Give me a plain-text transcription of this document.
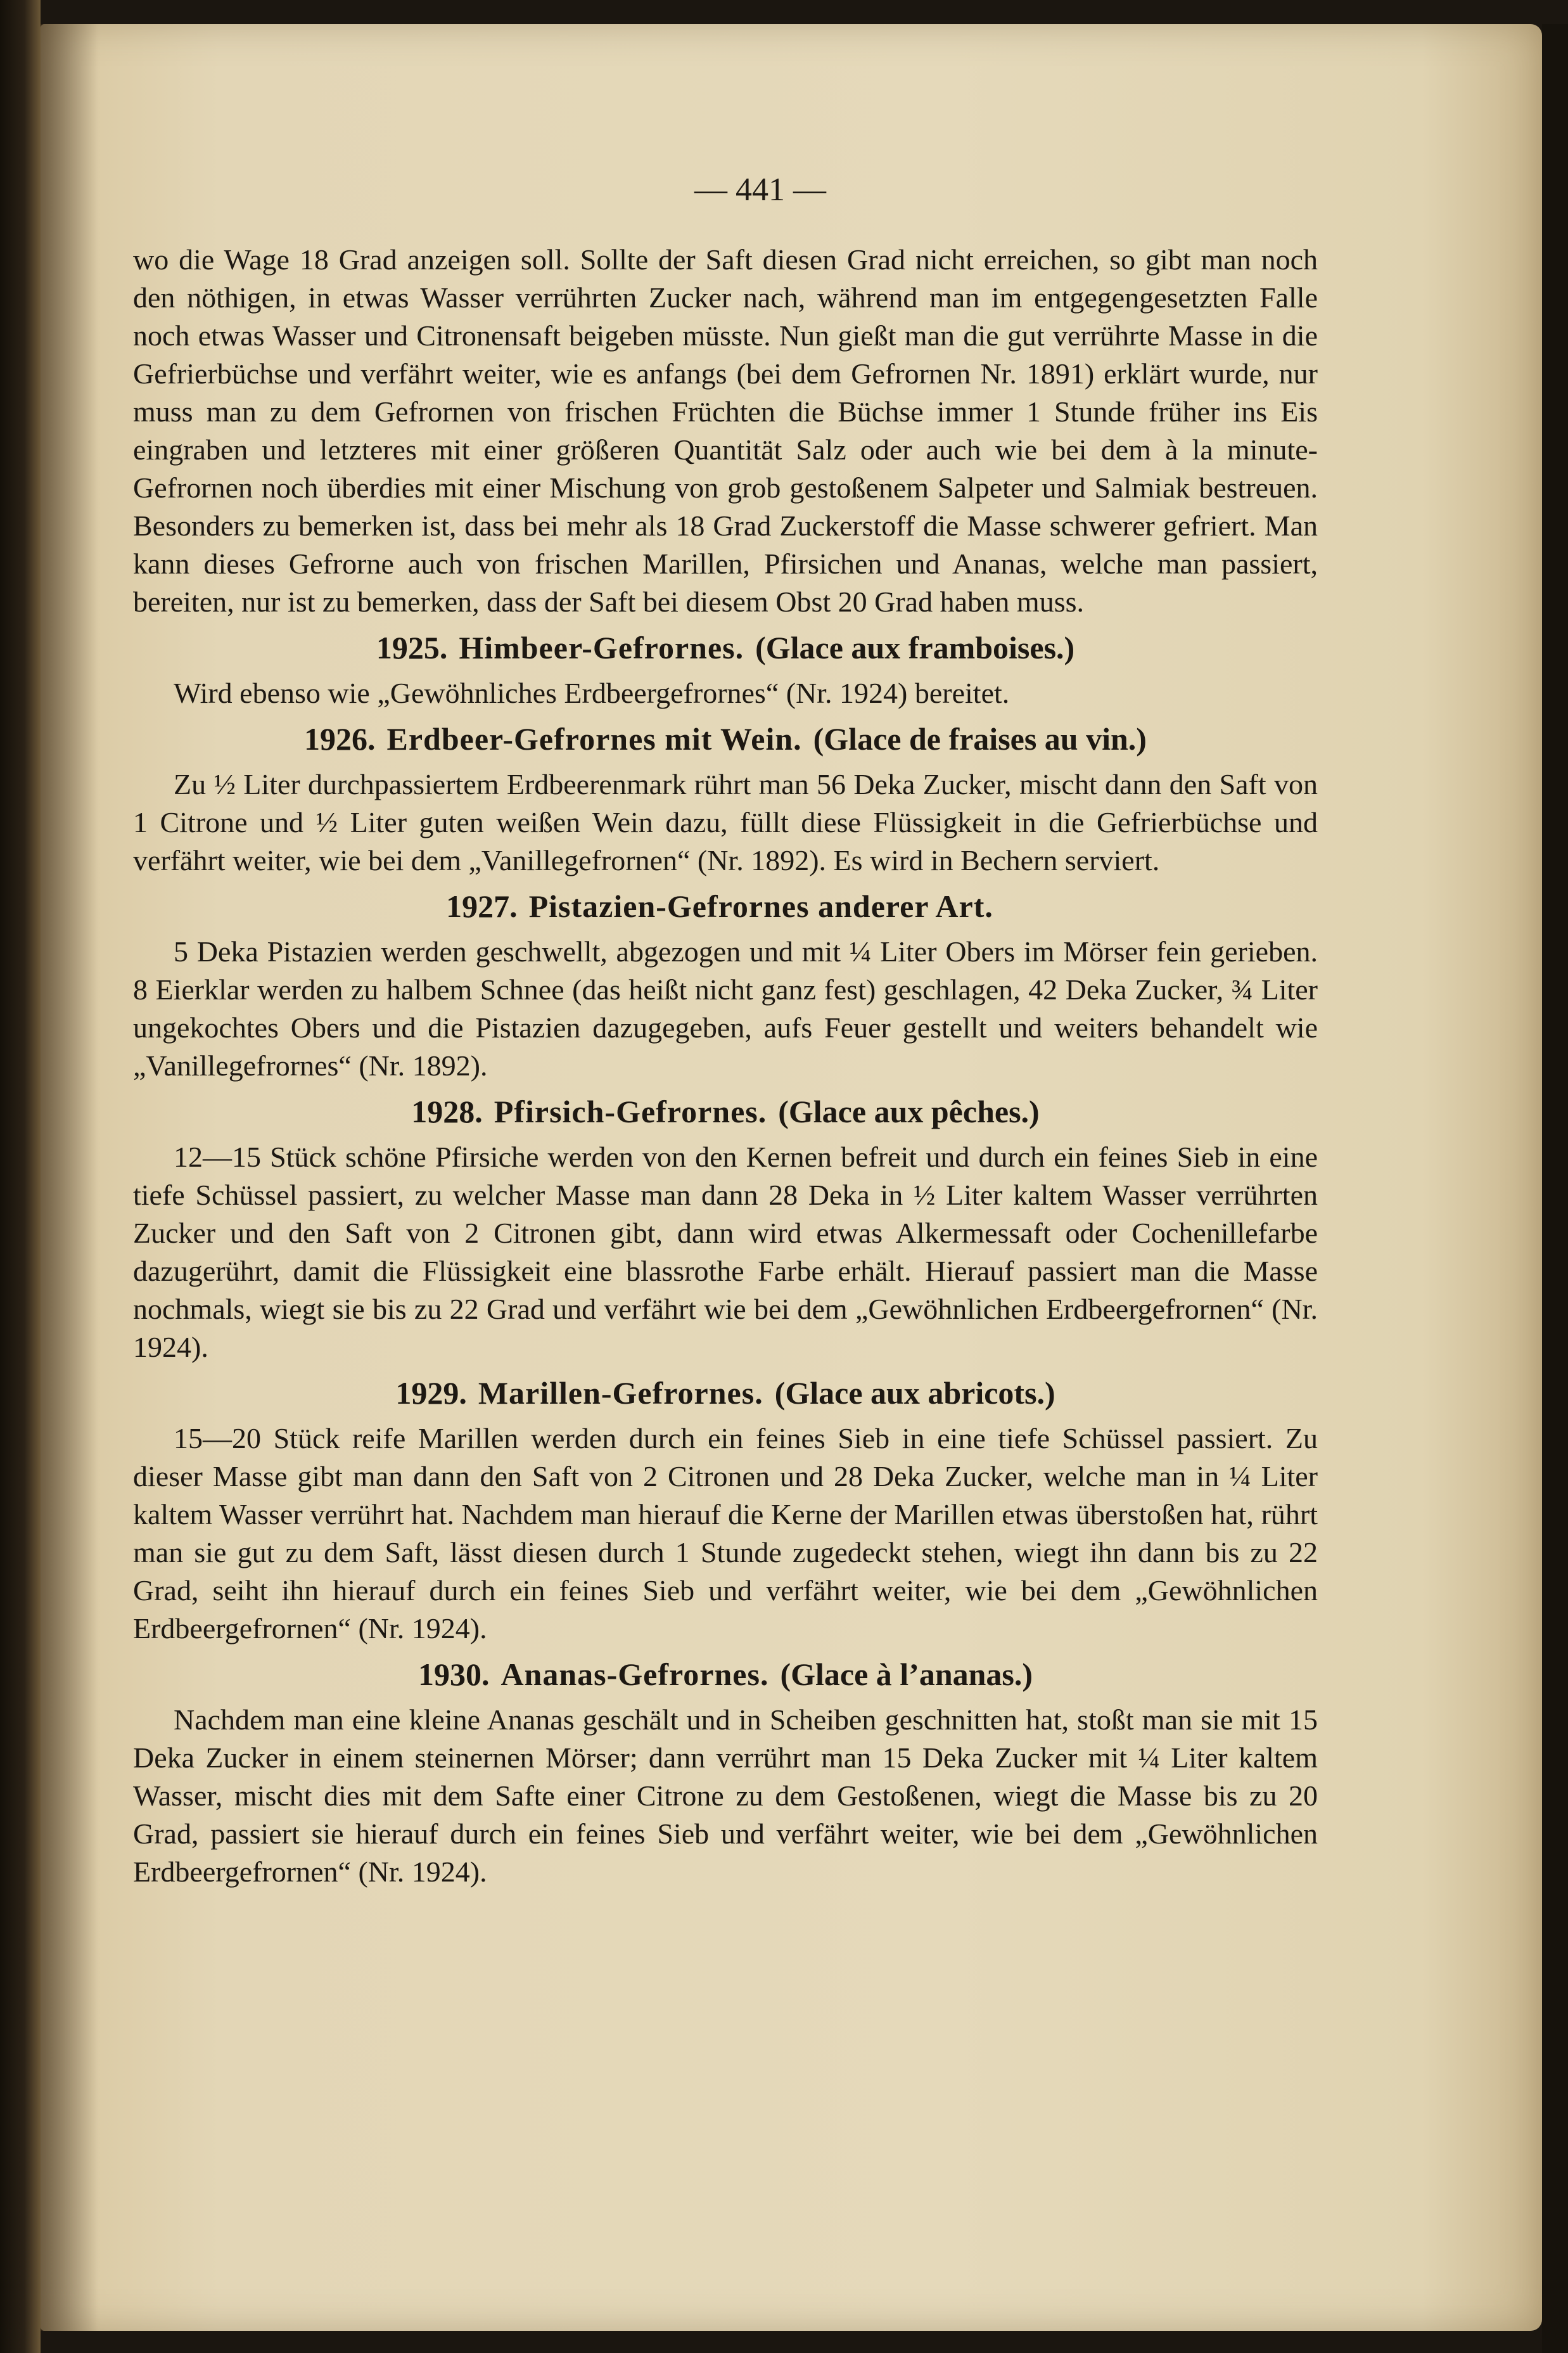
— 441 —

wo die Wage 18 Grad anzeigen soll. Sollte der Saft diesen Grad nicht erreichen, so gibt man noch den nöthigen, in etwas Wasser verrührten Zucker nach, während man im entgegengesetzten Falle noch etwas Wasser und Citronensaft beigeben müsste. Nun gießt man die gut verrührte Masse in die Gefrierbüchse und verfährt weiter, wie es anfangs (bei dem Gefrornen Nr. 1891) erklärt wurde, nur muss man zu dem Gefrornen von frischen Früchten die Büchse immer 1 Stunde früher ins Eis eingraben und letzteres mit einer größeren Quantität Salz oder auch wie bei dem à la minute-Gefrornen noch überdies mit einer Mischung von grob gestoßenem Salpeter und Salmiak bestreuen. Besonders zu bemerken ist, dass bei mehr als 18 Grad Zuckerstoff die Masse schwerer gefriert. Man kann dieses Gefrorne auch von frischen Marillen, Pfirsichen und Ananas, welche man passiert, bereiten, nur ist zu bemerken, dass der Saft bei diesem Obst 20 Grad haben muss.

1925. Himbeer-Gefrornes. (Glace aux framboises.)

Wird ebenso wie „Gewöhnliches Erdbeergefrornes“ (Nr. 1924) bereitet.

1926. Erdbeer-Gefrornes mit Wein. (Glace de fraises au vin.)

Zu ½ Liter durchpassiertem Erdbeerenmark rührt man 56 Deka Zucker, mischt dann den Saft von 1 Citrone und ½ Liter guten weißen Wein dazu, füllt diese Flüssigkeit in die Gefrierbüchse und verfährt weiter, wie bei dem „Vanillegefrornen“ (Nr. 1892). Es wird in Bechern serviert.

1927. Pistazien-Gefrornes anderer Art.

5 Deka Pistazien werden geschwellt, abgezogen und mit ¼ Liter Obers im Mörser fein gerieben. 8 Eierklar werden zu halbem Schnee (das heißt nicht ganz fest) geschlagen, 42 Deka Zucker, ¾ Liter ungekochtes Obers und die Pistazien dazugegeben, aufs Feuer gestellt und weiters behandelt wie „Vanillegefrornes“ (Nr. 1892).

1928. Pfirsich-Gefrornes. (Glace aux pêches.)

12—15 Stück schöne Pfirsiche werden von den Kernen befreit und durch ein feines Sieb in eine tiefe Schüssel passiert, zu welcher Masse man dann 28 Deka in ½ Liter kaltem Wasser verrührten Zucker und den Saft von 2 Citronen gibt, dann wird etwas Alkermessaft oder Cochenillefarbe dazugerührt, damit die Flüssigkeit eine blassrothe Farbe erhält. Hierauf passiert man die Masse nochmals, wiegt sie bis zu 22 Grad und verfährt wie bei dem „Gewöhnlichen Erdbeergefrornen“ (Nr. 1924).

1929. Marillen-Gefrornes. (Glace aux abricots.)

15—20 Stück reife Marillen werden durch ein feines Sieb in eine tiefe Schüssel passiert. Zu dieser Masse gibt man dann den Saft von 2 Citronen und 28 Deka Zucker, welche man in ¼ Liter kaltem Wasser verrührt hat. Nachdem man hierauf die Kerne der Marillen etwas überstoßen hat, rührt man sie gut zu dem Saft, lässt diesen durch 1 Stunde zugedeckt stehen, wiegt ihn dann bis zu 22 Grad, seiht ihn hierauf durch ein feines Sieb und verfährt weiter, wie bei dem „Gewöhnlichen Erdbeergefrornen“ (Nr. 1924).

1930. Ananas-Gefrornes. (Glace à l’ananas.)

Nachdem man eine kleine Ananas geschält und in Scheiben geschnitten hat, stoßt man sie mit 15 Deka Zucker in einem steinernen Mörser; dann verrührt man 15 Deka Zucker mit ¼ Liter kaltem Wasser, mischt dies mit dem Safte einer Citrone zu dem Gestoßenen, wiegt die Masse bis zu 20 Grad, passiert sie hierauf durch ein feines Sieb und verfährt weiter, wie bei dem „Gewöhnlichen Erdbeergefrornen“ (Nr. 1924).
